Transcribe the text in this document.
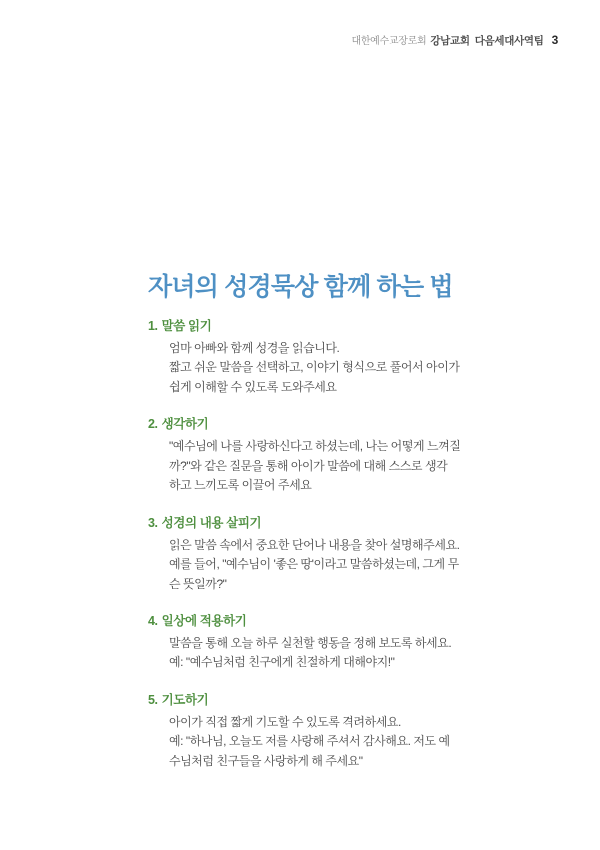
대한예수교장로회 강남교회 다음세대사역팀 3
자녀의 성경묵상 함께 하는 법
1. 말씀 읽기

엄마 아빠와 함께 성경을 읽습니다.

짧고 쉬운 말씀을 선택하고, 이야기 형식으로 풀어서 아이가

쉽게 이해할 수 있도록 도와주세요

2. 생각하기

"예수님에 나를 사랑하신다고 하셨는데, 나는 어떻게 느껴질

까?"와 같은 질문을 통해 아이가 말씀에 대해 스스로 생각

하고 느끼도록 이끌어 주세요

3. 성경의 내용 살피기

읽은 말씀 속에서 중요한 단어나 내용을 찾아 설명해주세요.

예를 들어, "예수님이 '좋은 땅'이라고 말씀하셨는데, 그게 무

슨 뜻일까?"

4. 일상에 적용하기

말씀을 통해 오늘 하루 실천할 행동을 정해 보도록 하세요.

예: "예수님처럼 친구에게 친절하게 대해야지!"

5. 기도하기

아이가 직접 짧게 기도할 수 있도록 격려하세요.

예: "하나님, 오늘도 저를 사랑해 주셔서 감사해요. 저도 예

수님처럼 친구들을 사랑하게 해 주세요"
